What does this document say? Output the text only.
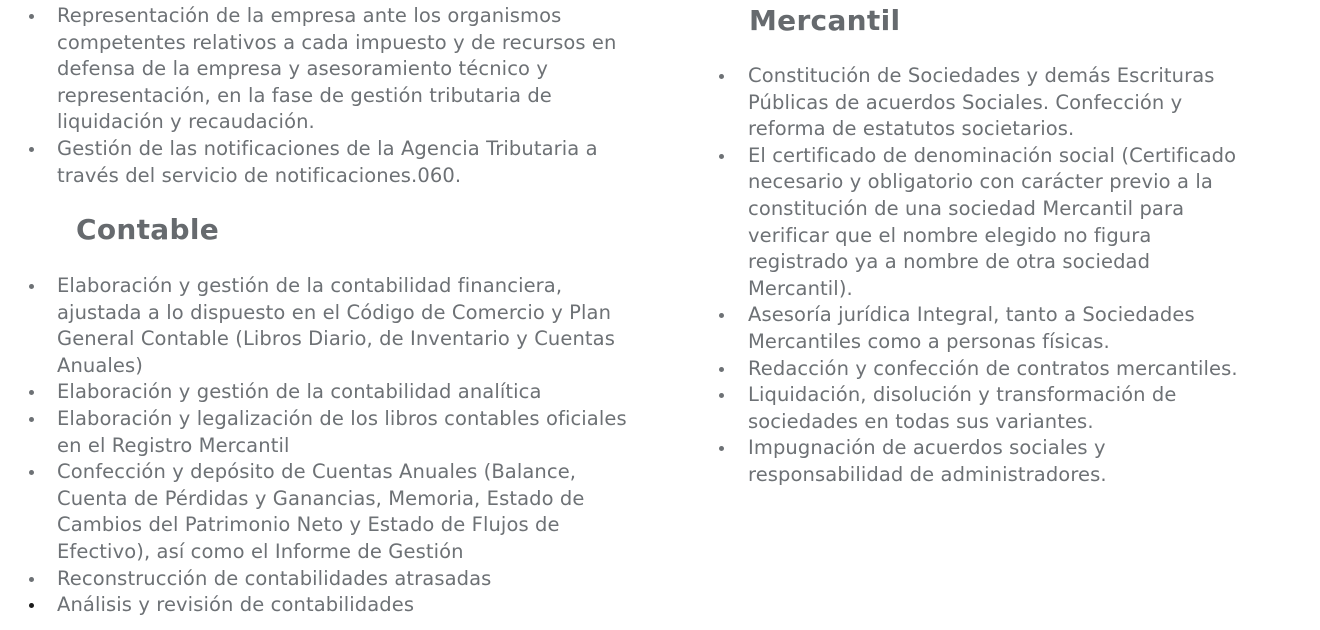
Representación de la empresa ante los organismos competentes relativos a cada impuesto y de recursos en defensa de la empresa y asesoramiento técnico y representación, en la fase de gestión tributaria de liquidación y recaudación.
Gestión de las notificaciones de la Agencia Tributaria a través del servicio de notificaciones.060.
Contable
Elaboración y gestión de la contabilidad financiera, ajustada a lo dispuesto en el Código de Comercio y Plan General Contable (Libros Diario, de Inventario y Cuentas Anuales)
Elaboración y gestión de la contabilidad analítica
Elaboración y legalización de los libros contables oficiales en el Registro Mercantil
Confección y depósito de Cuentas Anuales (Balance, Cuenta de Pérdidas y Ganancias, Memoria, Estado de Cambios del Patrimonio Neto y Estado de Flujos de Efectivo), así como el Informe de Gestión
Reconstrucción de contabilidades atrasadas
Análisis y revisión de contabilidades
Mercantil
Constitución de Sociedades y demás Escrituras Públicas de acuerdos Sociales. Confección y reforma de estatutos societarios.
El certificado de denominación social (Certificado necesario y obligatorio con carácter previo a la constitución de una sociedad Mercantil para verificar que el nombre elegido no figura registrado ya a nombre de otra sociedad Mercantil).
Asesoría jurídica Integral, tanto a Sociedades Mercantiles como a personas físicas.
Redacción y confección de contratos mercantiles.
Liquidación, disolución y transformación de sociedades en todas sus variantes.
Impugnación de acuerdos sociales y responsabilidad de administradores.
